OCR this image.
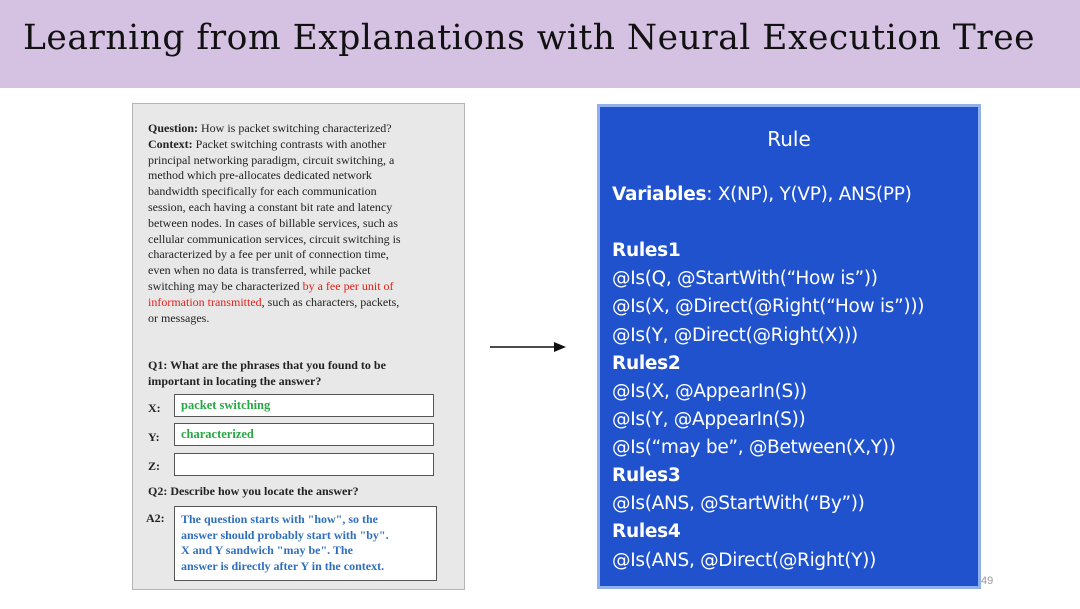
Learning from Explanations with Neural Execution Tree
Question: How is packet switching characterized?
Context: Packet switching contrasts with another
principal networking paradigm, circuit switching, a
method which pre-allocates dedicated network
bandwidth specifically for each communication
session, each having a constant bit rate and latency
between nodes. In cases of billable services, such as
cellular communication services, circuit switching is
characterized by a fee per unit of connection time,
even when no data is transferred, while packet
switching may be characterized by a fee per unit of
information transmitted, such as characters, packets,
or messages.
Q1: What are the phrases that you found to be
important in locating the answer?
X:	packet switching
Y:	characterized
Z:
Q2: Describe how you locate the answer?
A2: The question starts with "how", so the
answer should probably start with "by".
X and Y sandwich "may be". The
answer is directly after Y in the context.
Rule
Variables: X(NP), Y(VP), ANS(PP)
Rules1
@Is(Q, @StartWith(“How is”))
@Is(X, @Direct(@Right(“How is”)))
@Is(Y, @Direct(@Right(X)))
Rules2
@Is(X, @AppearIn(S))
@Is(Y, @AppearIn(S))
@Is(“may be”, @Between(X,Y))
Rules3
@Is(ANS, @StartWith(“By”))
Rules4
@Is(ANS, @Direct(@Right(Y))
49
